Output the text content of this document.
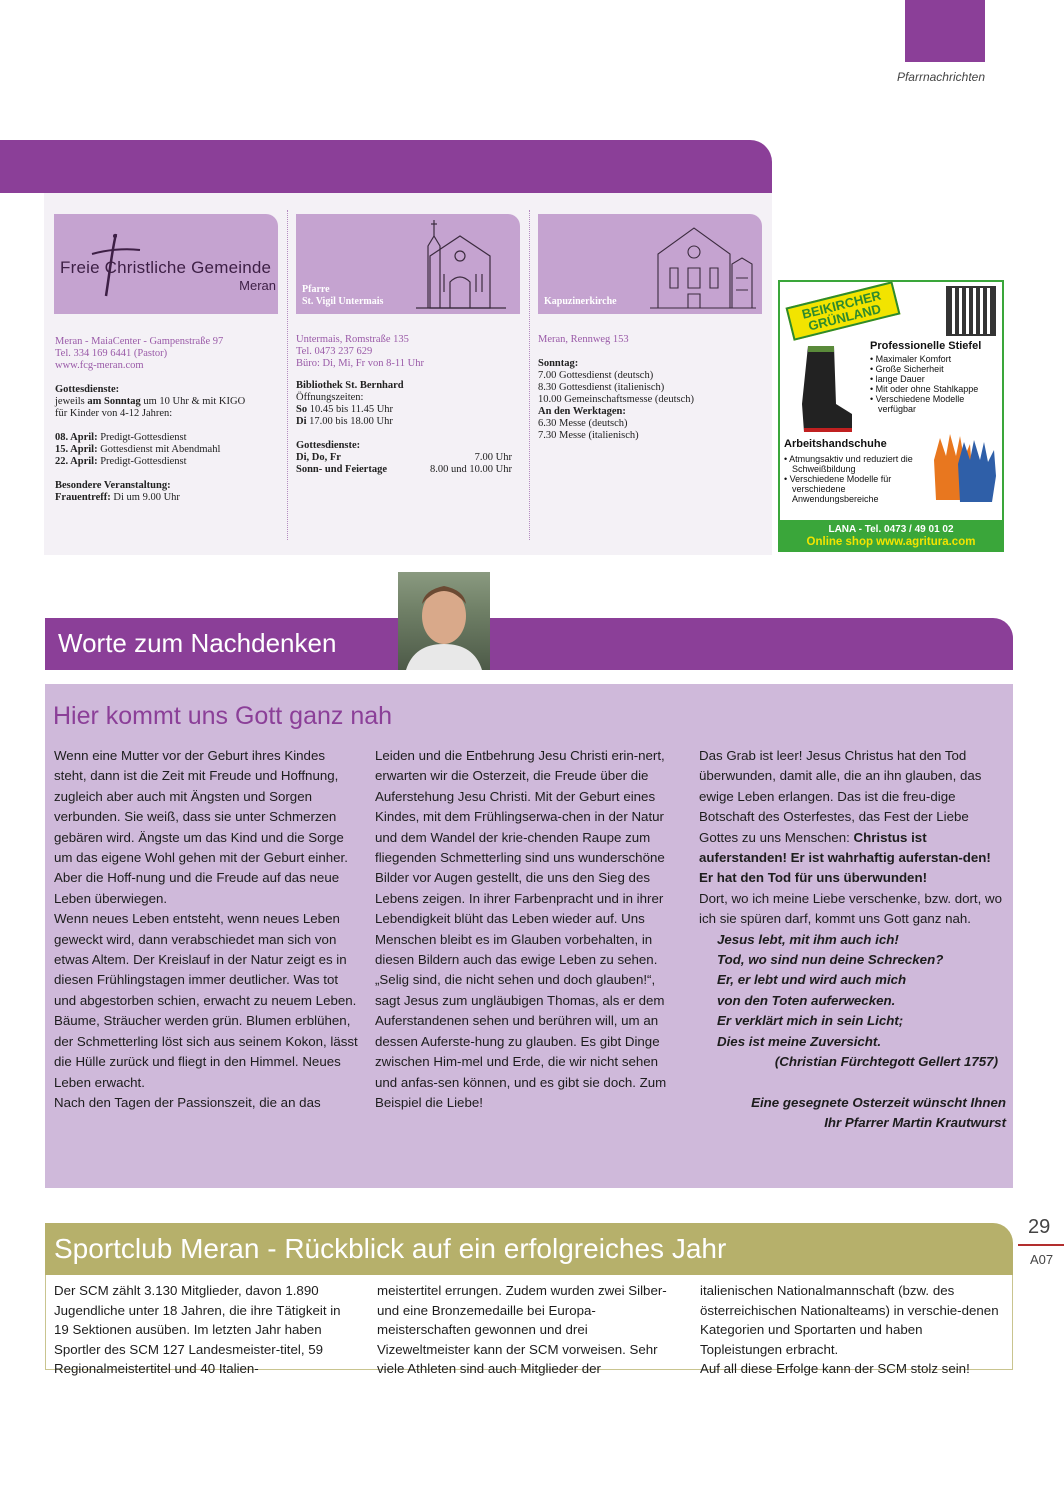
Pfarrnachrichten
Freie Christliche Gemeinde
Meran	Pfarre
St. Vigil Untermais	Kapuzinerkirche
Meran - MaiaCenter - Gampenstraße 97
Tel. 334 169 6441 (Pastor)
www.fcg-meran.com
Gottesdienste:
jeweils am Sonntag um 10 Uhr & mit KIGO
für Kinder von 4-12 Jahren:
08. April: Predigt-Gottesdienst
15. April: Gottesdienst mit Abendmahl
22. April: Predigt-Gottesdienst
Besondere Veranstaltung:
Frauentreff: Di um 9.00 Uhr
Untermais, Romstraße 135
Tel. 0473 237 629
Büro: Di, Mi, Fr von 8-11 Uhr
Bibliothek St. Bernhard
Öffnungszeiten:
So 10.45 bis 11.45 Uhr
Di 17.00 bis 18.00 Uhr
Gottesdienste:
Di, Do, Fr	7.00 Uhr
Sonn- und Feiertage	8.00 und 10.00 Uhr
Meran, Rennweg 153
Sonntag:
7.00 Gottesdienst (deutsch)
8.30 Gottesdienst (italienisch)
10.00 Gemeinschaftsmesse (deutsch)
An den Werktagen:
6.30 Messe (deutsch)
7.30 Messe (italienisch)
BEIKIRCHER GRÜNLAND
Professionelle Stiefel
• Maximaler Komfort
• Große Sicherheit
• lange Dauer
• Mit oder ohne Stahlkappe
• Verschiedene Modelle verfügbar
Arbeitshandschuhe
• Atmungsaktiv und reduziert die Schweißbildung
• Verschiedene Modelle für verschiedene Anwendungsbereiche
LANA - Tel. 0473 / 49 01 02
Online shop www.agritura.com
Worte zum Nachdenken
Hier kommt uns Gott ganz nah

Wenn eine Mutter vor der Geburt ihres Kindes steht, dann ist die Zeit mit Freude und Hoffnung, zugleich aber auch mit Ängsten und Sorgen verbunden. Sie weiß, dass sie unter Schmerzen gebären wird. Ängste um das Kind und die Sorge um das eigene Wohl gehen mit der Geburt einher. Aber die Hoff-nung und die Freude auf das neue Leben überwiegen.

Wenn neues Leben entsteht, wenn neues Leben geweckt wird, dann verabschiedet man sich von etwas Altem. Der Kreislauf in der Natur zeigt es in diesen Frühlingstagen immer deutlicher. Was tot und abgestorben schien, erwacht zu neuem Leben. Bäume, Sträucher werden grün. Blumen erblühen, der Schmetterling löst sich aus seinem Kokon, lässt die Hülle zurück und fliegt in den Himmel. Neues Leben erwacht.

Nach den Tagen der Passionszeit, die an das

Leiden und die Entbehrung Jesu Christi erin-nert, erwarten wir die Osterzeit, die Freude über die Auferstehung Jesu Christi. Mit der Geburt eines Kindes, mit dem Frühlingserwa-chen in der Natur und dem Wandel der krie-chenden Raupe zum fliegenden Schmetterling sind uns wunderschöne Bilder vor Augen gestellt, die uns den Sieg des Lebens zeigen. In ihrer Farbenpracht und in ihrer Lebendigkeit blüht das Leben wieder auf. Uns Menschen bleibt es im Glauben vorbehalten, in diesen Bildern auch das ewige Leben zu sehen. „Selig sind, die nicht sehen und doch glauben!“, sagt Jesus zum ungläubigen Thomas, als er dem Auferstandenen sehen und berühren will, um an dessen Auferste-hung zu glauben. Es gibt Dinge zwischen Him-mel und Erde, die wir nicht sehen und anfas-sen können, und es gibt sie doch. Zum Beispiel die Liebe!

Das Grab ist leer! Jesus Christus hat den Tod überwunden, damit alle, die an ihn glauben, das ewige Leben erlangen. Das ist die freu-dige Botschaft des Osterfestes, das Fest der Liebe Gottes zu uns Menschen: Christus ist auferstanden! Er ist wahrhaftig auferstan-den! Er hat den Tod für uns überwunden!

Dort, wo ich meine Liebe verschenke, bzw. dort, wo ich sie spüren darf, kommt uns Gott ganz nah.

Jesus lebt, mit ihm auch ich!
Tod, wo sind nun deine Schrecken?
Er, er lebt und wird auch mich
von den Toten auferwecken.
Er verklärt mich in sein Licht;
Dies ist meine Zuversicht.
(Christian Fürchtegott Gellert 1757)
Eine gesegnete Osterzeit wünscht Ihnen
Ihr Pfarrer Martin Krautwurst
Sportclub Meran - Rückblick auf ein erfolgreiches Jahr
Der SCM zählt 3.130 Mitglieder, davon 1.890 Jugendliche unter 18 Jahren, die ihre Tätigkeit in 19 Sektionen ausüben. Im letzten Jahr haben Sportler des SCM 127 Landesmeister-titel, 59 Regionalmeistertitel und 40 Italien-
meistertitel errungen. Zudem wurden zwei Silber- und eine Bronzemedaille bei Europa-meisterschaften gewonnen und drei Vizeweltmeister kann der SCM vorweisen. Sehr viele Athleten sind auch Mitglieder der
italienischen Nationalmannschaft (bzw. des österreichischen Nationalteams) in verschie-denen Kategorien und Sportarten und haben Topleistungen erbracht.
Auf all diese Erfolge kann der SCM stolz sein!
29
A07
